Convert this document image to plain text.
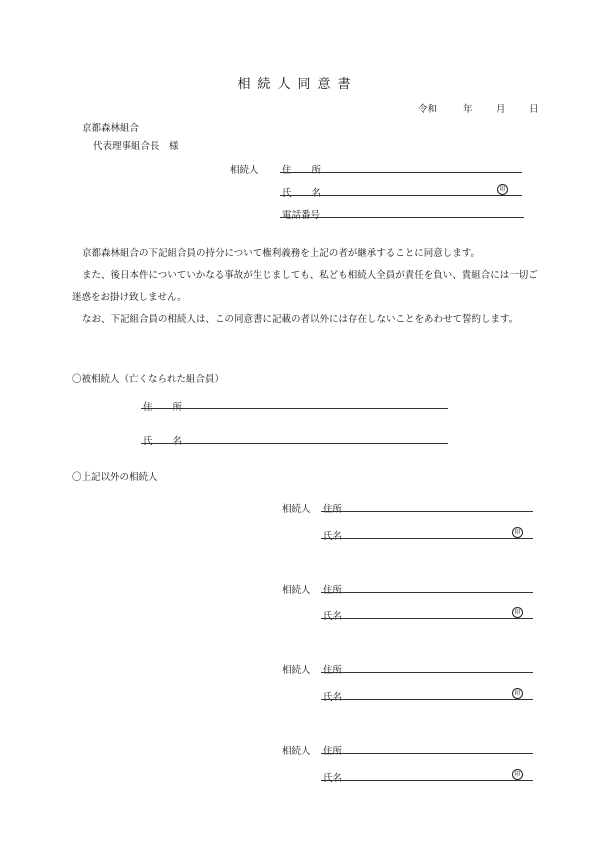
相続人同意書
令和	年 月 日
京都森林組合
代表理事組合長　様
相続人 住所
氏名	印
電話番号
京都森林組合の下記組合員の持分について権利義務を上記の者が継承することに同意します。
また、後日本件についていかなる事故が生じましても、私ども相続人全員が責任を負い、貴組合には一切ご迷惑をお掛け致しません。
なお、下記組合員の相続人は、この同意書に記載の者以外には存在しないことをあわせて誓約します。
〇被相続人（亡くなられた組合員）
住所
氏名
〇上記以外の相続人
相続人 住所
氏名	印
相続人 住所
氏名	印
相続人 住所
氏名	印
相続人 住所
氏名	印
